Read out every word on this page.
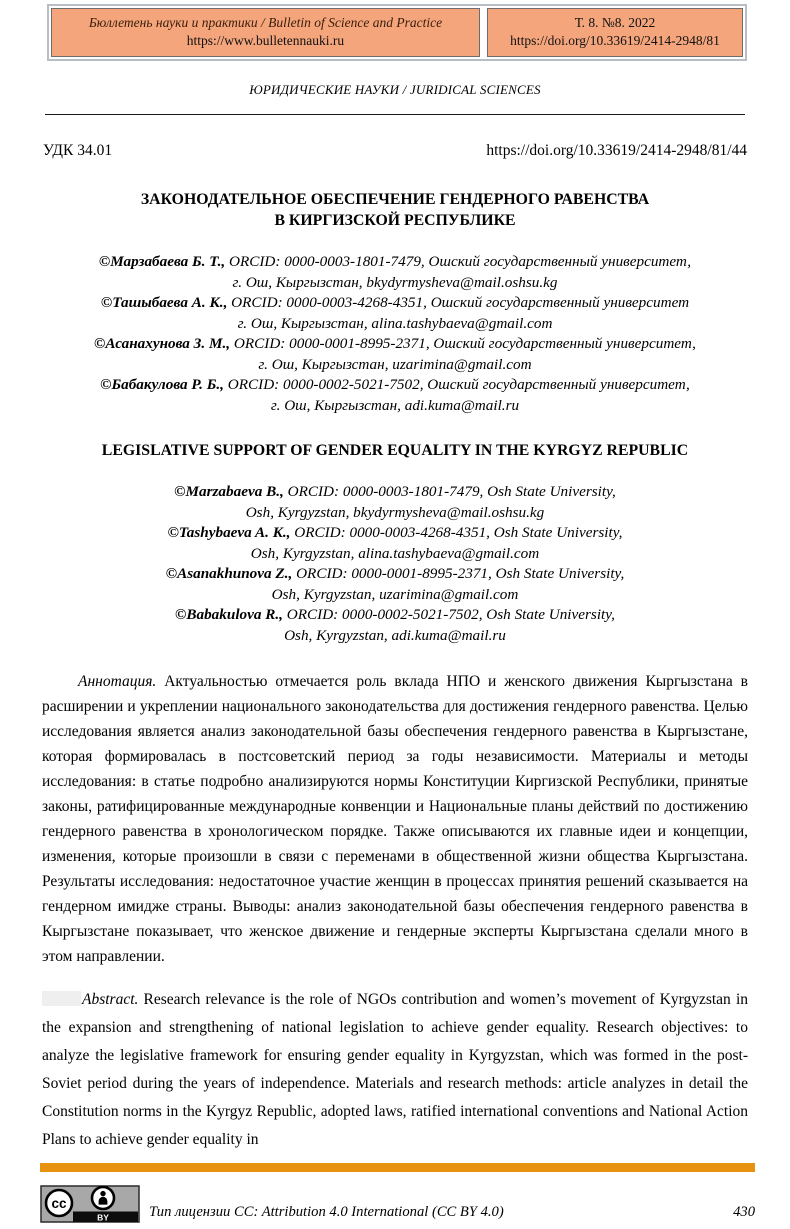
Бюллетень науки и практики / Bulletin of Science and Practice
https://www.bulletennauki.ru
Т. 8. №8. 2022
https://doi.org/10.33619/2414-2948/81
ЮРИДИЧЕСКИЕ НАУКИ / JURIDICAL SCIENCES
УДК 34.01	https://doi.org/10.33619/2414-2948/81/44
ЗАКОНОДАТЕЛЬНОЕ ОБЕСПЕЧЕНИЕ ГЕНДЕРНОГО РАВЕНСТВА
В КИРГИЗСКОЙ РЕСПУБЛИКЕ
©Марзабаева Б. Т., ORCID: 0000-0003-1801-7479, Ошский государственный университет,
г. Ош, Кыргызстан, bkydyrmysheva@mail.oshsu.kg
©Ташыбаева А. К., ORCID: 0000-0003-4268-4351, Ошский государственный университет
г. Ош, Кыргызстан, alina.tashybaeva@gmail.com
©Асанахунова З. М., ORCID: 0000-0001-8995-2371, Ошский государственный университет,
г. Ош, Кыргызстан, uzarimina@gmail.com
©Бабакулова Р. Б., ORCID: 0000-0002-5021-7502, Ошский государственный университет,
г. Ош, Кыргызстан, adi.kuma@mail.ru
LEGISLATIVE SUPPORT OF GENDER EQUALITY IN THE KYRGYZ REPUBLIC
©Marzabaeva B., ORCID: 0000-0003-1801-7479, Osh State University,
Osh, Kyrgyzstan, bkydyrmysheva@mail.oshsu.kg
©Tashybaeva A. K., ORCID: 0000-0003-4268-4351, Osh State University,
Osh, Kyrgyzstan, alina.tashybaeva@gmail.com
©Asanakhunova Z., ORCID: 0000-0001-8995-2371, Osh State University,
Osh, Kyrgyzstan, uzarimina@gmail.com
©Babakulova R., ORCID: 0000-0002-5021-7502, Osh State University,
Osh, Kyrgyzstan, adi.kuma@mail.ru

Аннотация. Актуальностью отмечается роль вклада НПО и женского движения Кыргызстана в расширении и укреплении национального законодательства для достижения гендерного равенства. Целью исследования является анализ законодательной базы обеспечения гендерного равенства в Кыргызстане, которая формировалась в постсоветский период за годы независимости. Материалы и методы исследования: в статье подробно анализируются нормы Конституции Киргизской Республики, принятые законы, ратифицированные международные конвенции и Национальные планы действий по достижению гендерного равенства в хронологическом порядке. Также описываются их главные идеи и концепции, изменения, которые произошли в связи с переменами в общественной жизни общества Кыргызстана. Результаты исследования: недостаточное участие женщин в процессах принятия решений сказывается на гендерном имидже страны. Выводы: анализ законодательной базы обеспечения гендерного равенства в Кыргызстане показывает, что женское движение и гендерные эксперты Кыргызстана сделали много в этом направлении.

Abstract. Research relevance is the role of NGOs contribution and women’s movement of Kyrgyzstan in the expansion and strengthening of national legislation to achieve gender equality. Research objectives: to analyze the legislative framework for ensuring gender equality in Kyrgyzstan, which was formed in the post-Soviet period during the years of independence. Materials and research methods: article analyzes in detail the Constitution norms in the Kyrgyz Republic, adopted laws, ratified international conventions and National Action Plans to achieve gender equality in

BY
cc
Тип лицензии CC: Attribution 4.0 International (CC BY 4.0)	430
